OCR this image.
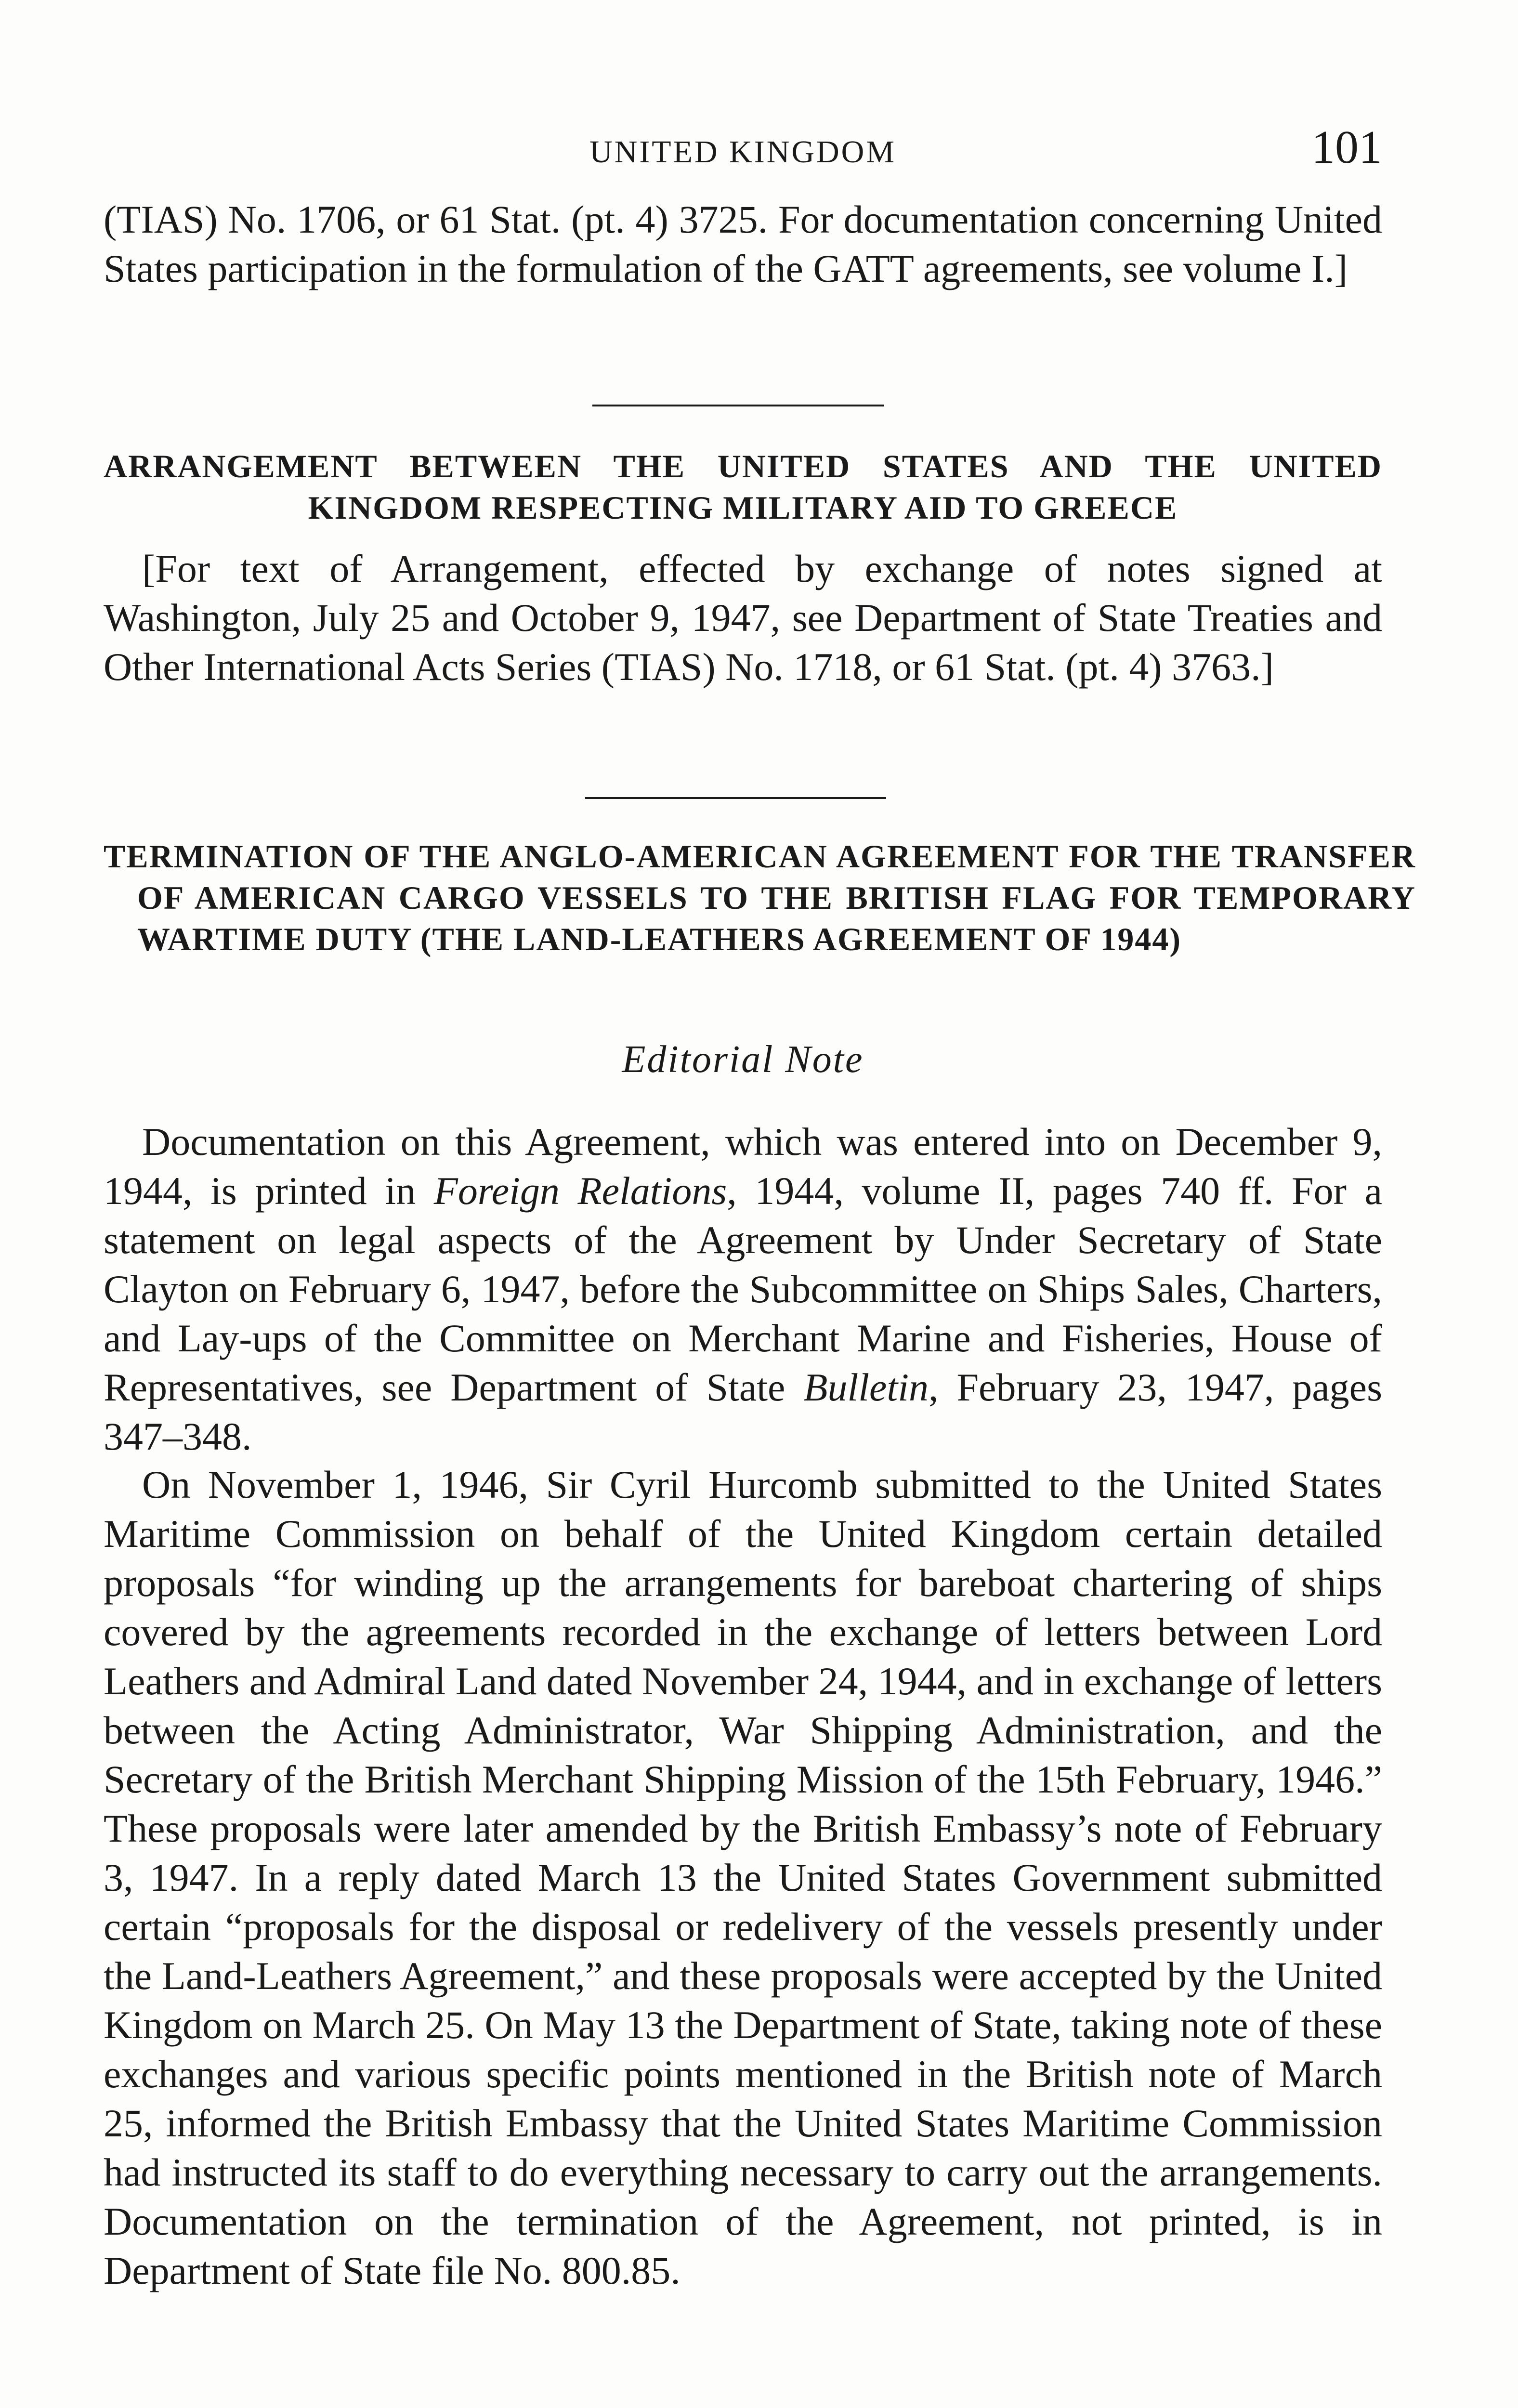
UNITED KINGDOM	101

(TIAS) No. 1706, or 61 Stat. (pt. 4) 3725. For documentation concerning United States participation in the formulation of the GATT agreements, see volume I.]

ARRANGEMENT BETWEEN THE UNITED STATES AND THE UNITED KINGDOM RESPECTING MILITARY AID TO GREECE

[For text of Arrangement, effected by exchange of notes signed at Washington, July 25 and October 9, 1947, see Department of State Treaties and Other International Acts Series (TIAS) No. 1718, or 61 Stat. (pt. 4) 3763.]

TERMINATION OF THE ANGLO-AMERICAN AGREEMENT FOR THE TRANSFER OF AMERICAN CARGO VESSELS TO THE BRITISH FLAG FOR TEMPORARY WARTIME DUTY (THE LAND-LEATHERS AGREEMENT OF 1944)

Editorial Note

Documentation on this Agreement, which was entered into on December 9, 1944, is printed in Foreign Relations, 1944, volume II, pages 740 ff. For a statement on legal aspects of the Agreement by Under Secretary of State Clayton on February 6, 1947, before the Subcommittee on Ships Sales, Charters, and Lay-ups of the Committee on Merchant Marine and Fisheries, House of Representatives, see Department of State Bulletin, February 23, 1947, pages 347–348.

On November 1, 1946, Sir Cyril Hurcomb submitted to the United States Maritime Commission on behalf of the United Kingdom certain detailed proposals “for winding up the arrangements for bareboat chartering of ships covered by the agreements recorded in the exchange of letters between Lord Leathers and Admiral Land dated November 24, 1944, and in exchange of letters between the Acting Administrator, War Shipping Administration, and the Secretary of the British Merchant Shipping Mission of the 15th February, 1946.” These proposals were later amended by the British Embassy’s note of February 3, 1947. In a reply dated March 13 the United States Government submitted certain “proposals for the disposal or redelivery of the vessels presently under the Land-Leathers Agreement,” and these proposals were accepted by the United Kingdom on March 25. On May 13 the Department of State, taking note of these exchanges and various specific points mentioned in the British note of March 25, informed the British Embassy that the United States Maritime Commission had instructed its staff to do everything necessary to carry out the arrangements. Documentation on the termination of the Agreement, not printed, is in Department of State file No. 800.85.
